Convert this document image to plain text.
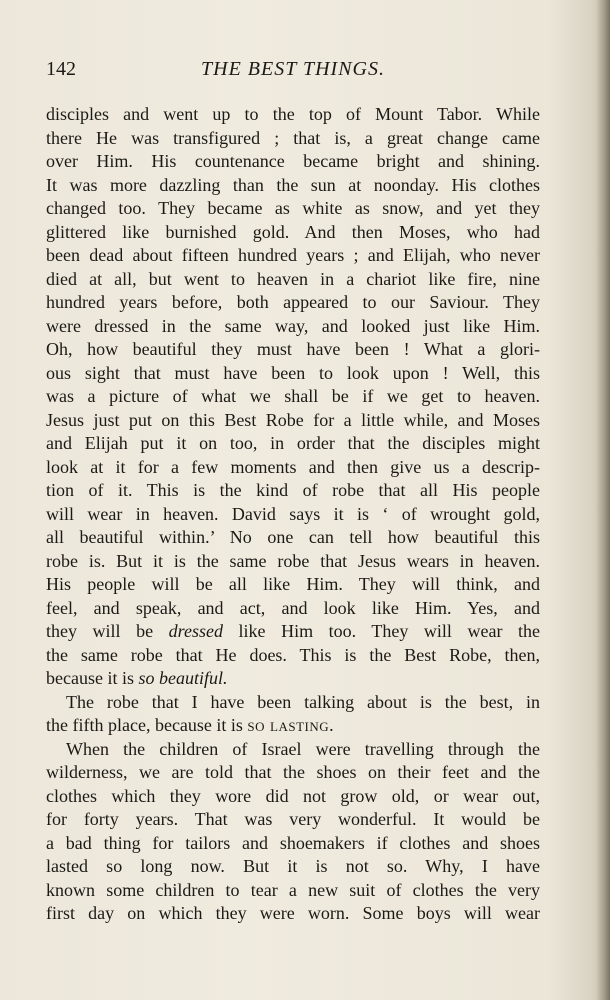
142	THE BEST THINGS.

disciples and went up to the top of Mount Tabor. While

there He was transfigured ; that is, a great change came

over Him. His countenance became bright and shining.

It was more dazzling than the sun at noonday. His clothes

changed too. They became as white as snow, and yet they

glittered like burnished gold. And then Moses, who had

been dead about fifteen hundred years ; and Elijah, who never

died at all, but went to heaven in a chariot like fire, nine

hundred years before, both appeared to our Saviour. They

were dressed in the same way, and looked just like Him.

Oh, how beautiful they must have been ! What a glori-

ous sight that must have been to look upon ! Well, this

was a picture of what we shall be if we get to heaven.

Jesus just put on this Best Robe for a little while, and Moses

and Elijah put it on too, in order that the disciples might

look at it for a few moments and then give us a descrip-

tion of it. This is the kind of robe that all His people

will wear in heaven. David says it is ‘ of wrought gold,

all beautiful within.’ No one can tell how beautiful this

robe is. But it is the same robe that Jesus wears in heaven.

His people will be all like Him. They will think, and

feel, and speak, and act, and look like Him. Yes, and

they will be dressed like Him too. They will wear the

the same robe that He does. This is the Best Robe, then,

because it is so beautiful.

The robe that I have been talking about is the best, in

the fifth place, because it is so lasting.

When the children of Israel were travelling through the

wilderness, we are told that the shoes on their feet and the

clothes which they wore did not grow old, or wear out,

for forty years. That was very wonderful. It would be

a bad thing for tailors and shoemakers if clothes and shoes

lasted so long now. But it is not so. Why, I have

known some children to tear a new suit of clothes the very

first day on which they were worn. Some boys will wear
